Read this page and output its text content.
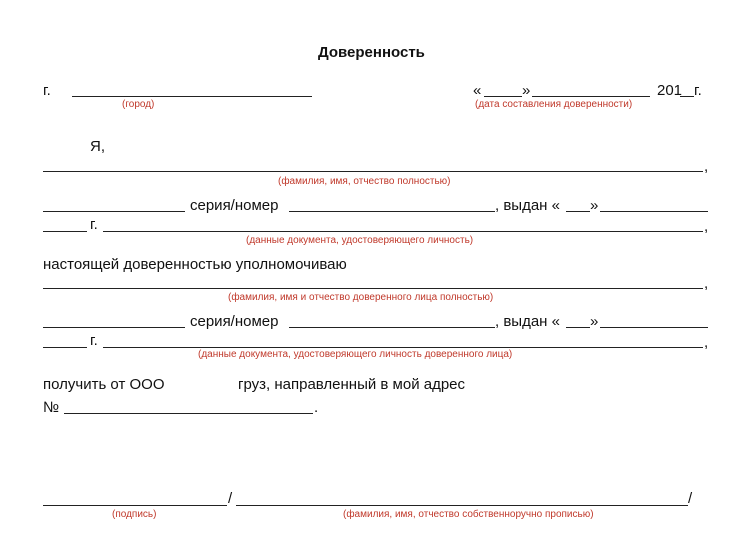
Доверенность
г.
(город)
«	»	201 г.
(дата составления доверенности)
Я,
,
(фамилия, имя, отчество полностью)
серия/номер	, выдан « »
г.	,
(данные документа, удостоверяющего личность)
настоящей доверенностью уполномочиваю
,
(фамилия, имя и отчество доверенного лица полностью)
серия/номер	, выдан « »
г.	,
(данные документа, удостоверяющего личность доверенного лица)
получить от ООО	груз, направленный в мой адрес
№	.
/	/
(подпись)	(фамилия, имя, отчество собственноручно прописью)
